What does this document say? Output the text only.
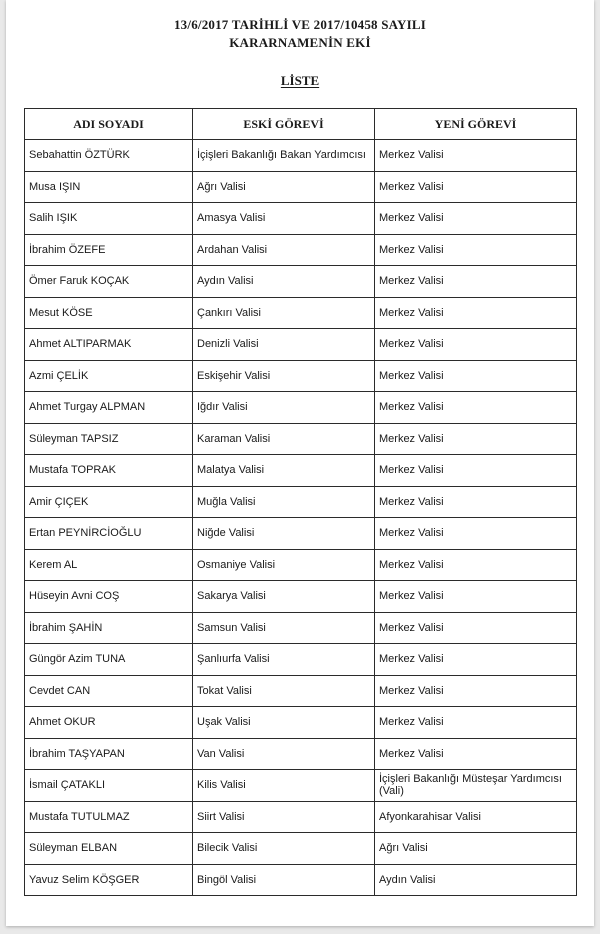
13/6/2017 TARİHLİ VE 2017/10458 SAYILI
KARARNAMENİN EKİ
LİSTE
ADI SOYADI	ESKİ GÖREVİ	YENİ GÖREVİ
Sebahattin ÖZTÜRK	İçişleri Bakanlığı Bakan Yardımcısı	Merkez Valisi
Musa IŞIN	Ağrı Valisi	Merkez Valisi
Salih IŞIK	Amasya Valisi	Merkez Valisi
İbrahim ÖZEFE	Ardahan Valisi	Merkez Valisi
Ömer Faruk KOÇAK	Aydın Valisi	Merkez Valisi
Mesut KÖSE	Çankırı Valisi	Merkez Valisi
Ahmet ALTIPARMAK	Denizli Valisi	Merkez Valisi
Azmi ÇELİK	Eskişehir Valisi	Merkez Valisi
Ahmet Turgay ALPMAN	Iğdır Valisi	Merkez Valisi
Süleyman TAPSIZ	Karaman Valisi	Merkez Valisi
Mustafa TOPRAK	Malatya Valisi	Merkez Valisi
Amir ÇIÇEK	Muğla Valisi	Merkez Valisi
Ertan PEYNİRCİOĞLU	Niğde Valisi	Merkez Valisi
Kerem AL	Osmaniye Valisi	Merkez Valisi
Hüseyin Avni COŞ	Sakarya Valisi	Merkez Valisi
İbrahim ŞAHİN	Samsun Valisi	Merkez Valisi
Güngör Azim TUNA	Şanlıurfa Valisi	Merkez Valisi
Cevdet CAN	Tokat Valisi	Merkez Valisi
Ahmet OKUR	Uşak Valisi	Merkez Valisi
İbrahim TAŞYAPAN	Van Valisi	Merkez Valisi
İsmail ÇATAKLI	Kilis Valisi	İçişleri Bakanlığı Müsteşar Yardımcısı (Vali)
Mustafa TUTULMAZ	Siirt Valisi	Afyonkarahisar Valisi
Süleyman ELBAN	Bilecik Valisi	Ağrı Valisi
Yavuz Selim KÖŞGER	Bingöl Valisi	Aydın Valisi
